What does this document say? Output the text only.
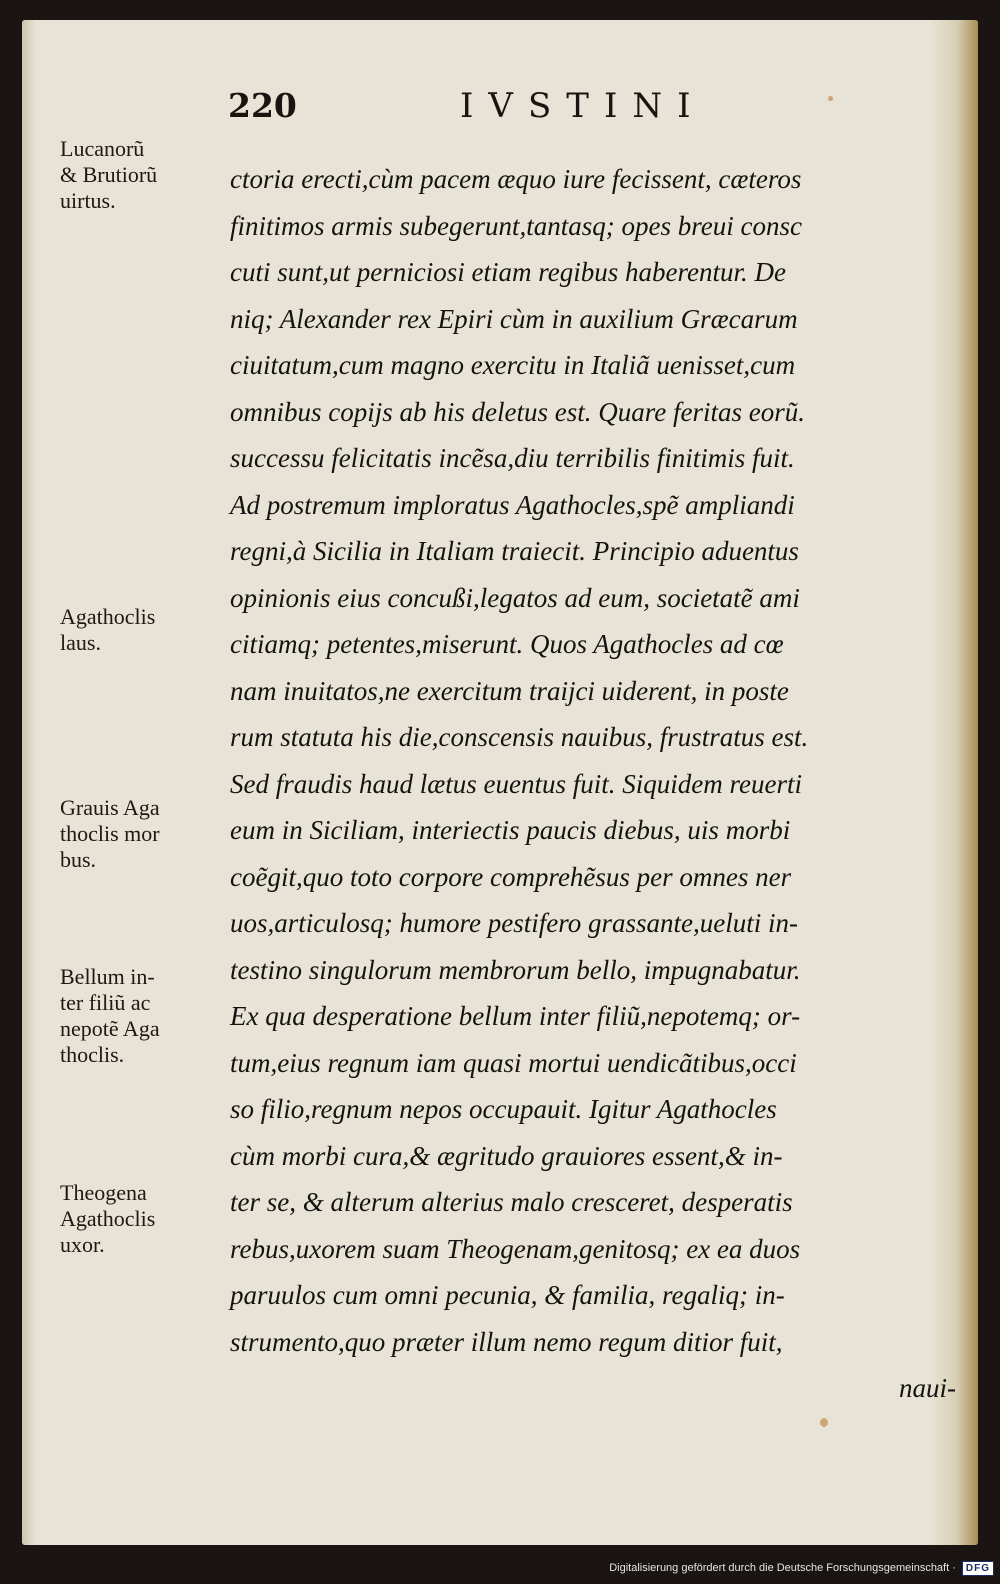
220	IVSTINI
Lucanorũ
& Brutiorũ
uirtus.
Agathoclis
laus.
Grauis Aga
thoclis mor
bus.
Bellum in-
ter filiũ ac
nepotẽ Aga
thoclis.
Theogena
Agathoclis
uxor.
ctoria erecti,cùm pacem æquo iure fecissent, cæteros
finitimos armis subegerunt,tantasq; opes breui consc
cuti sunt,ut perniciosi etiam regibus haberentur. De
niq; Alexander rex Epiri cùm in auxilium Græcarum
ciuitatum,cum magno exercitu in Italiã uenisset,cum
omnibus copijs ab his deletus est. Quare feritas eorũ.
successu felicitatis incẽsa,diu terribilis finitimis fuit.
Ad postremum imploratus Agathocles,spẽ ampliandi
regni,à Sicilia in Italiam traiecit. Principio aduentus
opinionis eius concußi,legatos ad eum, societatẽ ami
citiamq; petentes,miserunt. Quos Agathocles ad cœ
nam inuitatos,ne exercitum traijci uiderent, in poste
rum statuta his die,conscensis nauibus, frustratus est.
Sed fraudis haud lætus euentus fuit. Siquidem reuerti
eum in Siciliam, interiectis paucis diebus, uis morbi
coẽgit,quo toto corpore comprehẽsus per omnes ner
uos,articulosq; humore pestifero grassante,ueluti in-
testino singulorum membrorum bello, impugnabatur.
Ex qua desperatione bellum inter filiũ,nepotemq; or-
tum,eius regnum iam quasi mortui uendicãtibus,occi
so filio,regnum nepos occupauit. Igitur Agathocles
cùm morbi cura,& ægritudo grauiores essent,& in-
ter se, & alterum alterius malo cresceret, desperatis
rebus,uxorem suam Theogenam,genitosq; ex ea duos
paruulos cum omni pecunia, & familia, regaliq; in-
strumento,quo præter illum nemo regum ditior fuit,
naui-
Digitalisierung gefördert durch die Deutsche Forschungsgemeinschaft ·	DFG
